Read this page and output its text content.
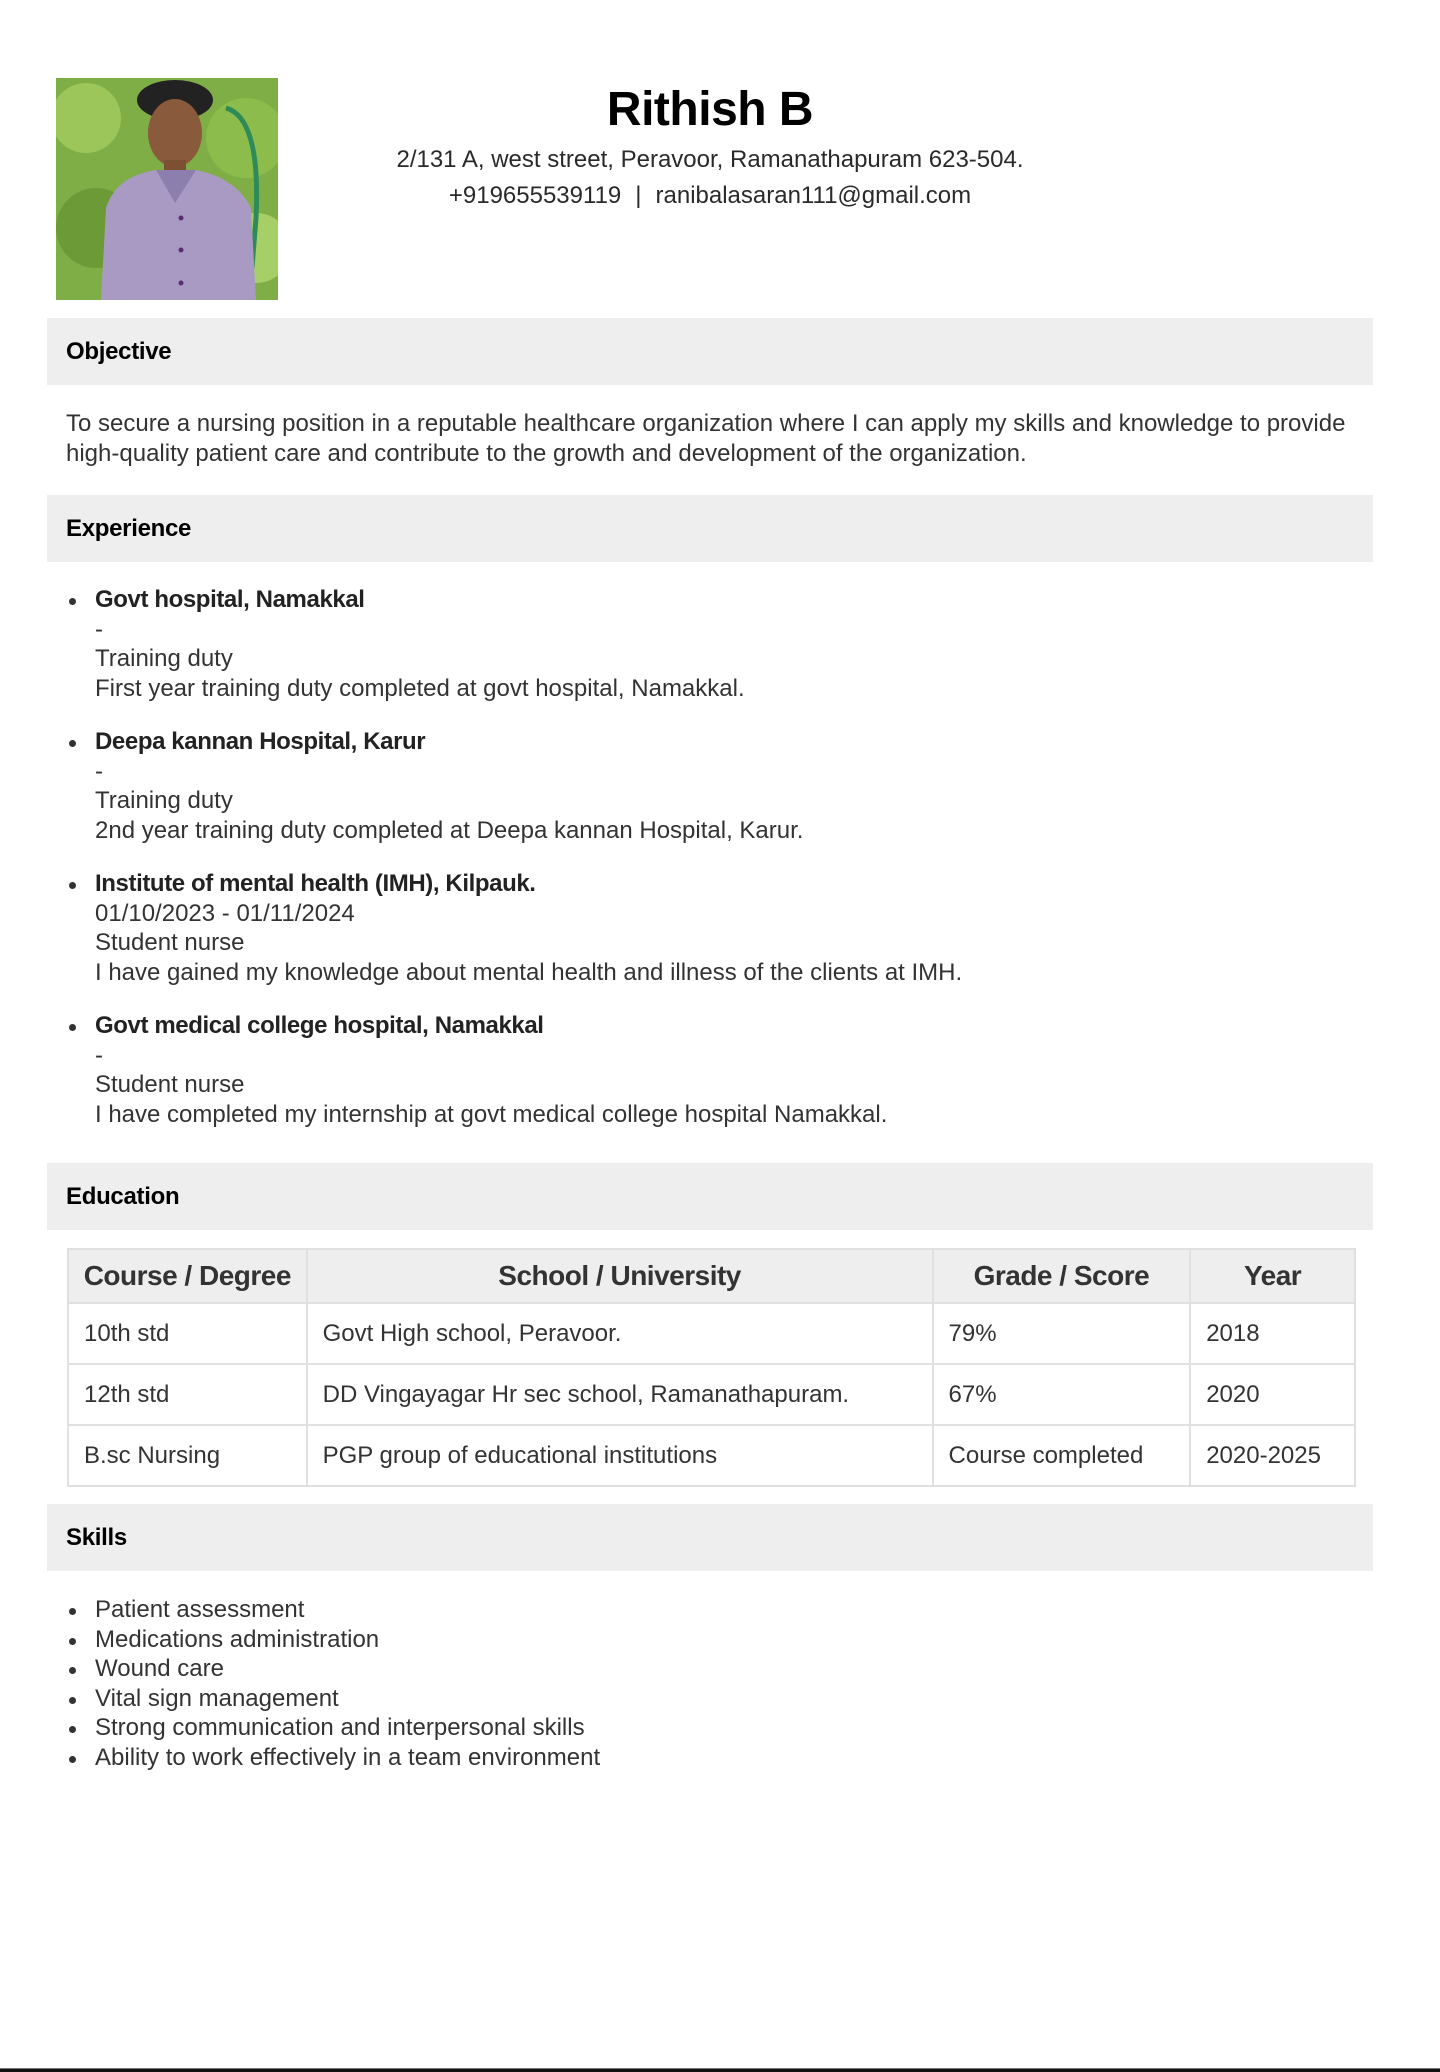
Rithish B
2/131 A, west street, Peravoor, Ramanathapuram 623-504.
+919655539119 | ranibalasaran111@gmail.com
Objective
To secure a nursing position in a reputable healthcare organization where I can apply my skills and knowledge to provide high-quality patient care and contribute to the growth and development of the organization.
Experience
Govt hospital, Namakkal
-
Training duty
First year training duty completed at govt hospital, Namakkal.
Deepa kannan Hospital, Karur
-
Training duty
2nd year training duty completed at Deepa kannan Hospital, Karur.
Institute of mental health (IMH), Kilpauk.
01/10/2023 - 01/11/2024
Student nurse
I have gained my knowledge about mental health and illness of the clients at IMH.
Govt medical college hospital, Namakkal
-
Student nurse
I have completed my internship at govt medical college hospital Namakkal.
Education
Course / Degree	School / University	Grade / Score	Year
10th std	Govt High school, Peravoor.	79%	2018
12th std	DD Vingayagar Hr sec school, Ramanathapuram.	67%	2020
B.sc Nursing	PGP group of educational institutions	Course completed	2020-2025
Skills
Patient assessment
Medications administration
Wound care
Vital sign management
Strong communication and interpersonal skills
Ability to work effectively in a team environment
